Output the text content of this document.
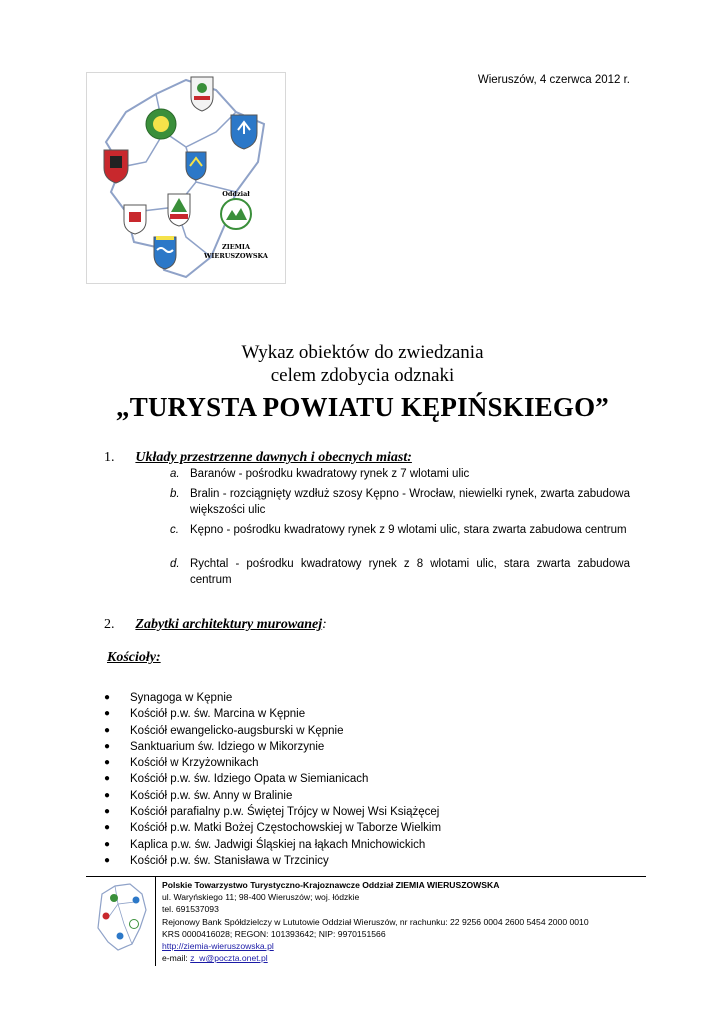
Oddział
ZIEMIA
WIERUSZOWSKA
Wieruszów, 4 czerwca 2012 r.
Wykaz obiektów do zwiedzania
celem zdobycia odznaki
„TURYSTA POWIATU KĘPIŃSKIEGO”
1. Układy przestrzenne dawnych i obecnych miast:
a. Baranów - pośrodku kwadratowy rynek z 7 wlotami ulic
b. Bralin - rozciągnięty wzdłuż szosy Kępno - Wrocław, niewielki rynek, zwarta zabudowa większości ulic
c. Kępno - pośrodku kwadratowy rynek z 9 wlotami ulic, stara zwarta zabudowa centrum
d. Rychtal - pośrodku kwadratowy rynek z 8 wlotami ulic, stara zwarta zabudowa centrum
2. Zabytki architektury murowanej:
Kościoły:
● Synagoga w Kępnie
● Kościół p.w. św. Marcina w Kępnie
● Kościół ewangelicko-augsburski w Kępnie
● Sanktuarium św. Idziego w Mikorzynie
● Kościół w Krzyżownikach
● Kościół p.w. św. Idziego Opata w Siemianicach
● Kościół p.w. św. Anny w Bralinie
● Kościół parafialny p.w. Świętej Trójcy w Nowej Wsi Książęcej
● Kościół p.w. Matki Bożej Częstochowskiej w Taborze Wielkim
● Kaplica p.w. św. Jadwigi Śląskiej na łąkach Mnichowickich
● Kościół p.w. św. Stanisława w Trzcinicy
Polskie Towarzystwo Turystyczno-Krajoznawcze Oddział ZIEMIA WIERUSZOWSKA
ul. Waryńskiego 11; 98-400 Wieruszów; woj. łódzkie
tel. 691537093
Rejonowy Bank Spółdzielczy w Lututowie Oddział Wieruszów, nr rachunku: 22 9256 0004 2600 5454 2000 0010
KRS 0000416028; REGON: 101393642; NIP: 9970151566
http://ziemia-wieruszowska.pl
e-mail: z_w@poczta.onet.pl
